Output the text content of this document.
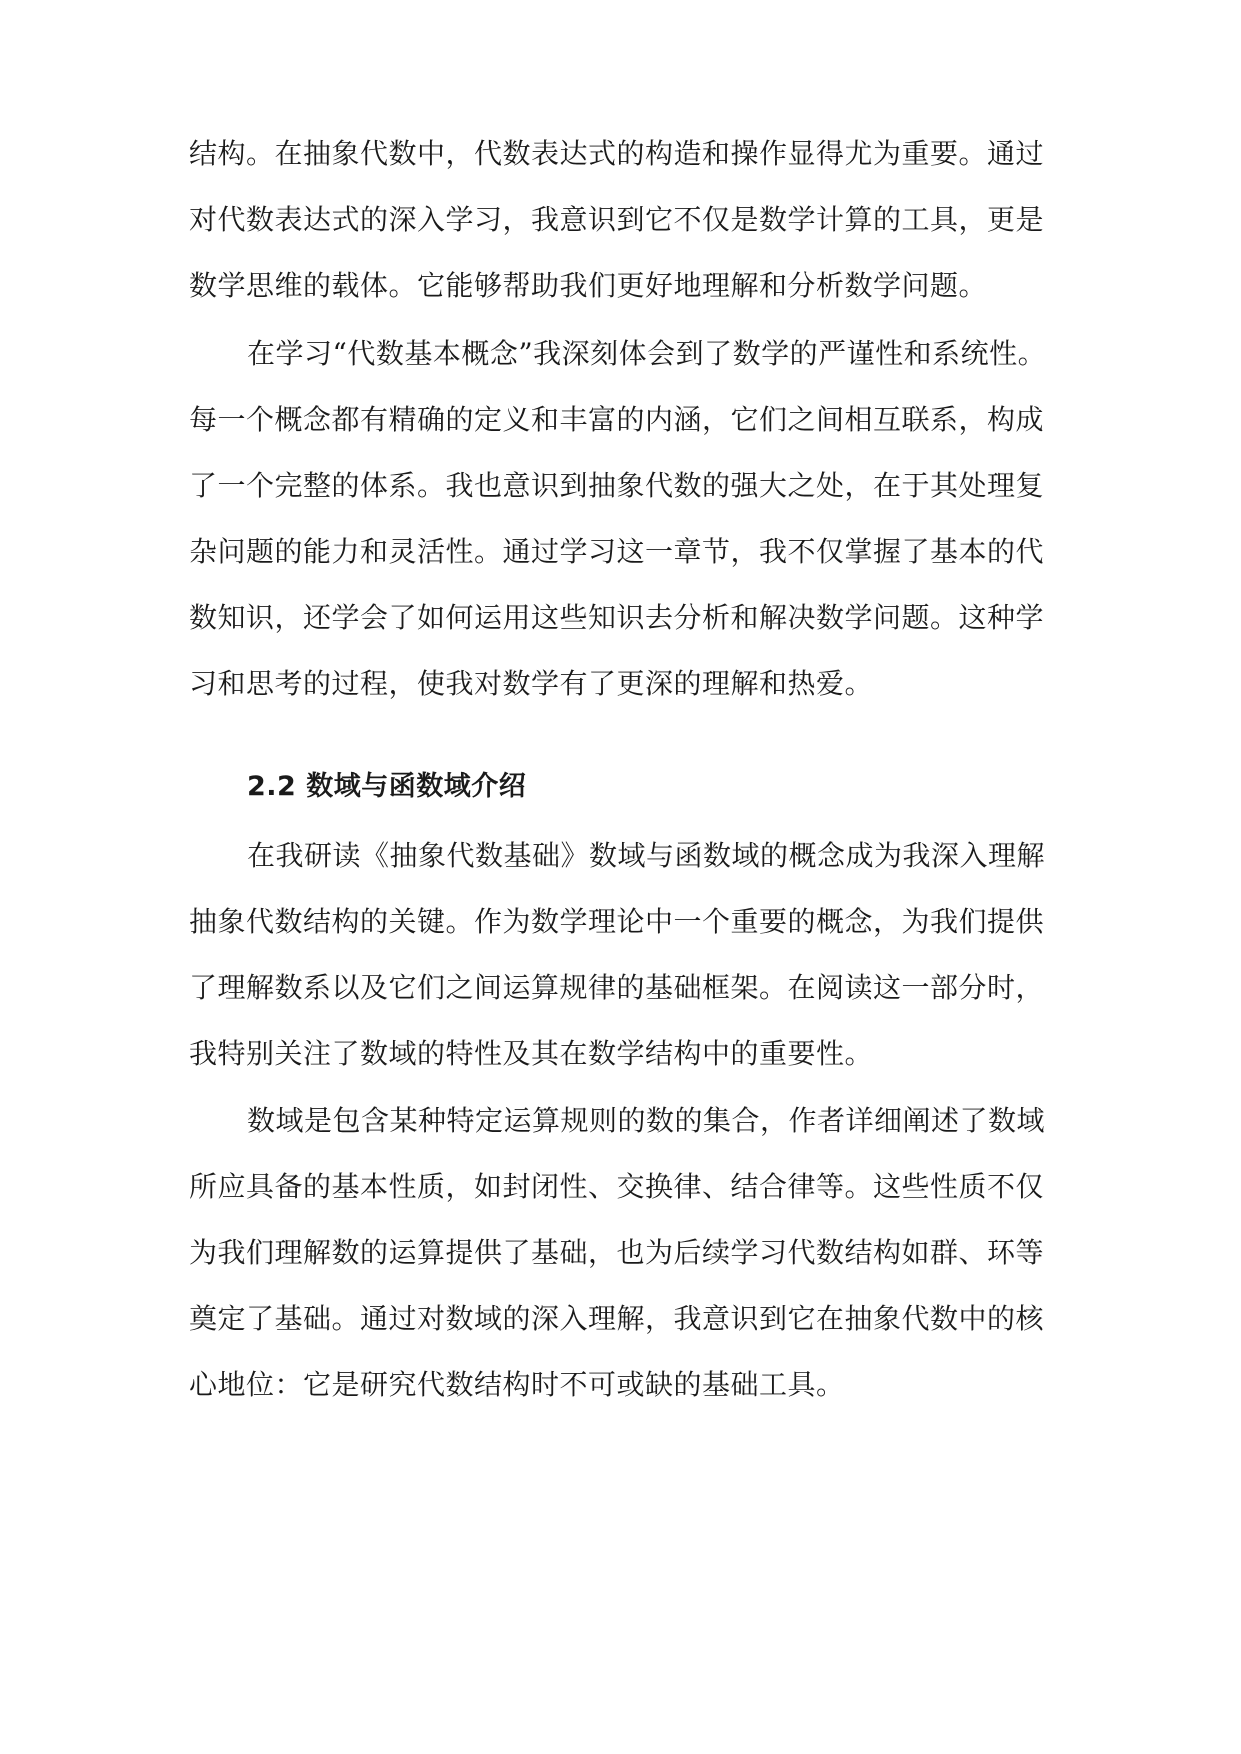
结构。在抽象代数中，代数表达式的构造和操作显得尤为重要。通过
对代数表达式的深入学习，我意识到它不仅是数学计算的工具，更是
数学思维的载体。它能够帮助我们更好地理解和分析数学问题。
在学习“代数基本概念”我深刻体会到了数学的严谨性和系统性。
每一个概念都有精确的定义和丰富的内涵，它们之间相互联系，构成
了一个完整的体系。我也意识到抽象代数的强大之处，在于其处理复
杂问题的能力和灵活性。通过学习这一章节，我不仅掌握了基本的代
数知识，还学会了如何运用这些知识去分析和解决数学问题。这种学
习和思考的过程，使我对数学有了更深的理解和热爱。
2.2 数域与函数域介绍
在我研读《抽象代数基础》数域与函数域的概念成为我深入理解
抽象代数结构的关键。作为数学理论中一个重要的概念，为我们提供
了理解数系以及它们之间运算规律的基础框架。在阅读这一部分时，
我特别关注了数域的特性及其在数学结构中的重要性。
数域是包含某种特定运算规则的数的集合，作者详细阐述了数域
所应具备的基本性质，如封闭性、交换律、结合律等。这些性质不仅
为我们理解数的运算提供了基础，也为后续学习代数结构如群、环等
奠定了基础。通过对数域的深入理解，我意识到它在抽象代数中的核
心地位：它是研究代数结构时不可或缺的基础工具。
